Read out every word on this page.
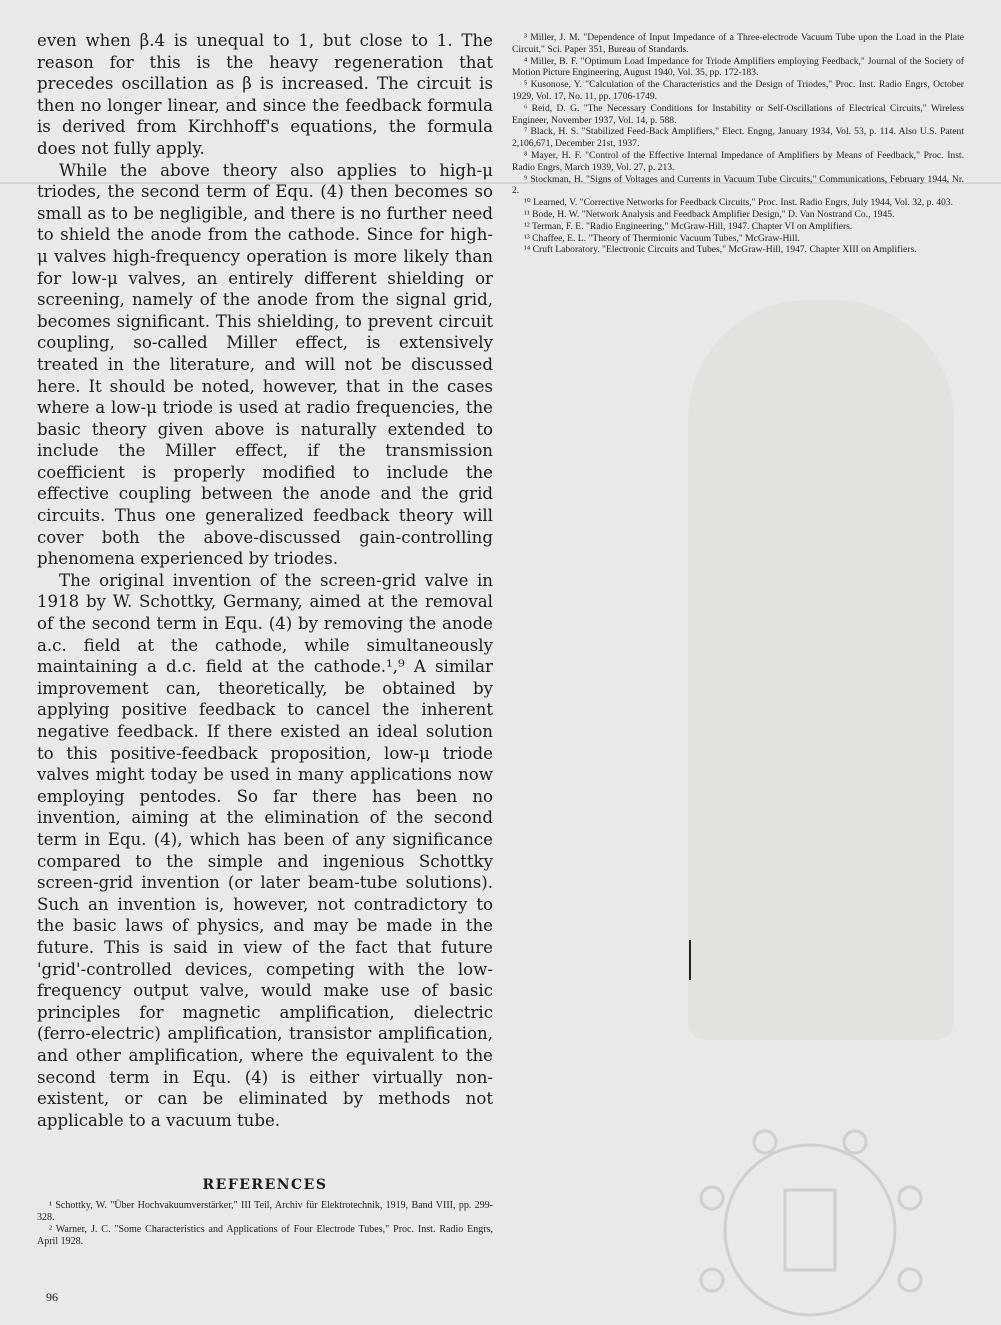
even when β.4 is unequal to 1, but close to 1. The reason for this is the heavy regeneration that precedes oscillation as β is increased. The circuit is then no longer linear, and since the feedback formula is derived from Kirchhoff's equations, the formula does not fully apply.

While the above theory also applies to high-μ triodes, the second term of Equ. (4) then becomes so small as to be negligible, and there is no further need to shield the anode from the cathode. Since for high-μ valves high-frequency operation is more likely than for low-μ valves, an entirely different shielding or screening, namely of the anode from the signal grid, becomes significant. This shielding, to prevent circuit coupling, so-called Miller effect, is extensively treated in the literature, and will not be discussed here. It should be noted, however, that in the cases where a low-μ triode is used at radio frequencies, the basic theory given above is naturally extended to include the Miller effect, if the transmission coefficient is properly modified to include the effective coupling between the anode and the grid circuits. Thus one generalized feedback theory will cover both the above-discussed gain-controlling phenomena experienced by triodes.

The original invention of the screen-grid valve in 1918 by W. Schottky, Germany, aimed at the removal of the second term in Equ. (4) by removing the anode a.c. field at the cathode, while simultaneously maintaining a d.c. field at the cathode.¹,⁹ A similar improvement can, theoretically, be obtained by applying positive feedback to cancel the inherent negative feedback. If there existed an ideal solution to this positive-feedback proposition, low-μ triode valves might today be used in many applications now employing pentodes. So far there has been no invention, aiming at the elimination of the second term in Equ. (4), which has been of any significance compared to the simple and ingenious Schottky screen-grid invention (or later beam-tube solutions). Such an invention is, however, not contradictory to the basic laws of physics, and may be made in the future. This is said in view of the fact that future 'grid'-controlled devices, competing with the low-frequency output valve, would make use of basic principles for magnetic amplification, dielectric (ferro-electric) amplification, transistor amplification, and other amplification, where the equivalent to the second term in Equ. (4) is either virtually non-existent, or can be eliminated by methods not applicable to a vacuum tube.

REFERENCES

¹ Schottky, W. "Über Hochvakuumverstärker," III Teil, Archiv für Elektrotechnik, 1919, Band VIII, pp. 299-328.

² Warner, J. C. "Some Characteristics and Applications of Four Electrode Tubes," Proc. Inst. Radio Engrs, April 1928.

³ Miller, J. M. "Dependence of Input Impedance of a Three-electrode Vacuum Tube upon the Load in the Plate Circuit," Sci. Paper 351, Bureau of Standards.

⁴ Miller, B. F. "Optimum Load Impedance for Triode Amplifiers employing Feedback," Journal of the Society of Motion Picture Engineering, August 1940, Vol. 35, pp. 172-183.

⁵ Kusonose, Y. "Calculation of the Characteristics and the Design of Triodes," Proc. Inst. Radio Engrs, October 1929, Vol. 17, No. 11, pp. 1706-1749.

⁶ Reid, D. G. "The Necessary Conditions for Instability or Self-Oscillations of Electrical Circuits," Wireless Engineer, November 1937, Vol. 14, p. 588.

⁷ Black, H. S. "Stabilized Feed-Back Amplifiers," Elect. Engng, January 1934, Vol. 53, p. 114. Also U.S. Patent 2,106,671, December 21st, 1937.

⁸ Mayer, H. F. "Control of the Effective Internal Impedance of Amplifiers by Means of Feedback," Proc. Inst. Radio Engrs, March 1939, Vol. 27, p. 213.

⁹ Stockman, H. "Signs of Voltages and Currents in Vacuum Tube Circuits," Communications, February 1944, Nr. 2.

¹⁰ Learned, V. "Corrective Networks for Feedback Circuits," Proc. Inst. Radio Engrs, July 1944, Vol. 32, p. 403.

¹¹ Bode, H. W. "Network Analysis and Feedback Amplifier Design," D. Van Nostrand Co., 1945.

¹² Terman, F. E. "Radio Engineering," McGraw-Hill, 1947. Chapter VI on Amplifiers.

¹³ Chaffee, E. L. "Theory of Thermionic Vacuum Tubes," McGraw-Hill.

¹⁴ Cruft Laboratory. "Electronic Circuits and Tubes," McGraw-Hill, 1947. Chapter XIII on Amplifiers.

96
